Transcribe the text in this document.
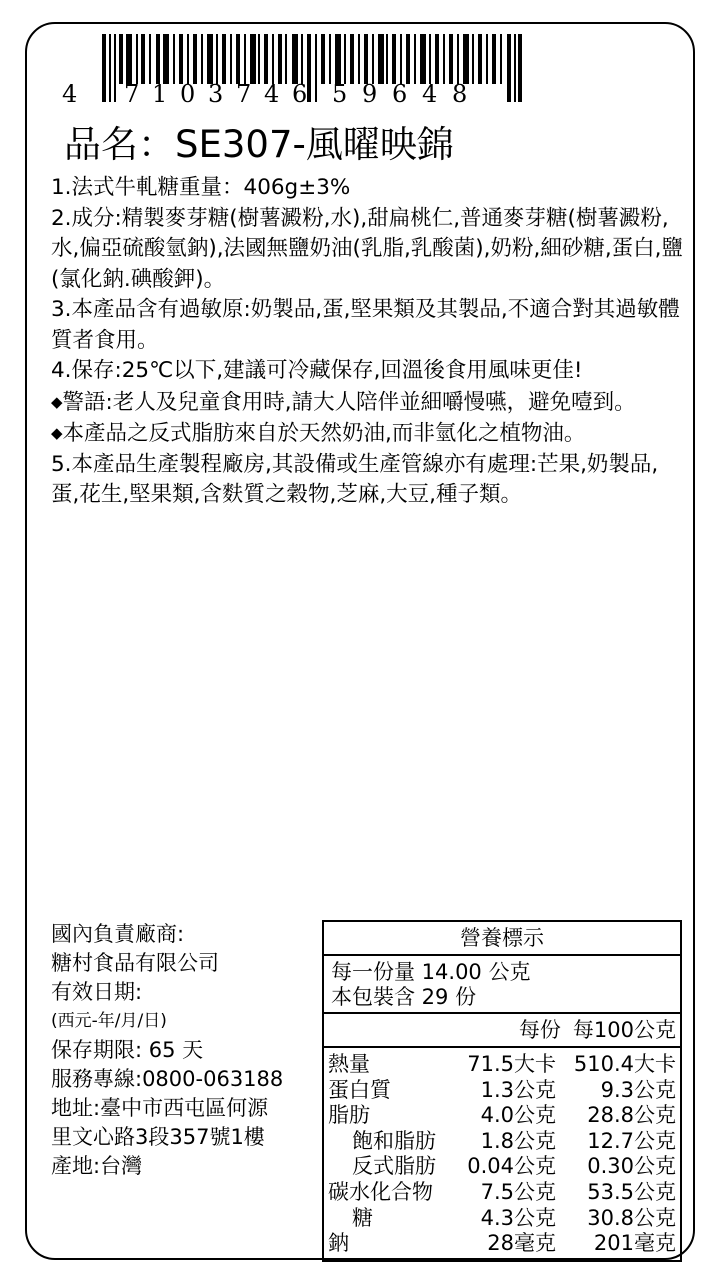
4 7 1 0 3 7 4 6 5 9 6 4 8
品名：SE307-風曜映錦

1.法式牛軋糖重量：406g±3%

2.成分:精製麥芽糖(樹薯澱粉,水),甜扁桃仁,普通麥芽糖(樹薯澱粉,水,偏亞硫酸氫鈉),法國無鹽奶油(乳脂,乳酸菌),奶粉,細砂糖,蛋白,鹽(氯化鈉.碘酸鉀)。

3.本產品含有過敏原:奶製品,蛋,堅果類及其製品,不適合對其過敏體質者食用。

4.保存:25℃以下,建議可冷藏保存,回溫後食用風味更佳!

◆警語:老人及兒童食用時,請大人陪伴並細嚼慢嚥，避免噎到。

◆本產品之反式脂肪來自於天然奶油,而非氫化之植物油。

5.本產品生產製程廠房,其設備或生產管線亦有處理:芒果,奶製品,蛋,花生,堅果類,含麩質之穀物,芝麻,大豆,種子類。

國內負責廠商:
糖村食品有限公司
有效日期:
(西元-年/月/日)
保存期限: 65 天
服務專線:0800-063188
地址:臺中市西屯區何源
里文心路3段357號1樓
產地:台灣
營養標示
每一份量 14.00 公克
本包裝含 29 份
每份 每100公克
熱量	71.5大卡 510.4大卡
蛋白質	1.3公克	9.3公克
脂肪	4.0公克	28.8公克
飽和脂肪	1.8公克	12.7公克
反式脂肪	0.04公克	0.30公克
碳水化合物	7.5公克	53.5公克
糖	4.3公克	30.8公克
鈉	28毫克	201毫克
